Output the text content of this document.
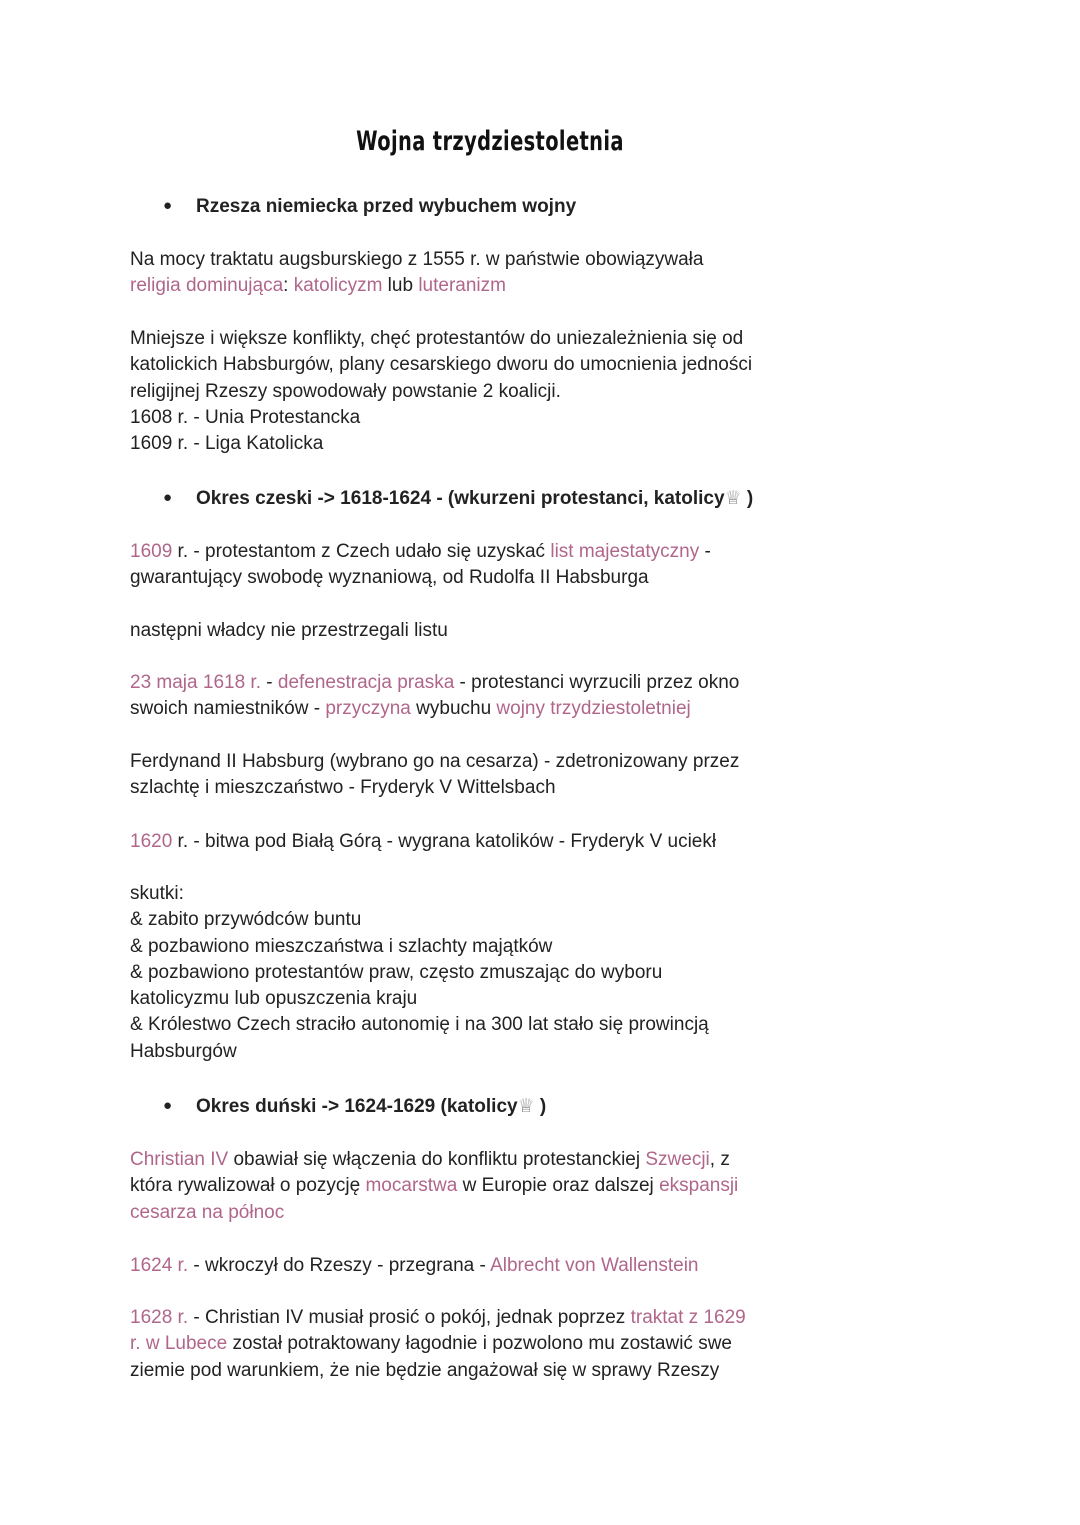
Wojna trzydziestoletnia
● Rzesza niemiecka przed wybuchem wojny
Na mocy traktatu augsburskiego z 1555 r. w państwie obowiązywała
religia dominująca: katolicyzm lub luteranizm
Mniejsze i większe konflikty, chęć protestantów do uniezależnienia się od
katolickich Habsburgów, plany cesarskiego dworu do umocnienia jedności
religijnej Rzeszy spowodowały powstanie 2 koalicji.
1608 r. - Unia Protestancka
1609 r. - Liga Katolicka
● Okres czeski -> 1618-1624 - (wkurzeni protestanci, katolicy♕ )
1609 r. - protestantom z Czech udało się uzyskać list majestatyczny -
gwarantujący swobodę wyznaniową, od Rudolfa II Habsburga
następni władcy nie przestrzegali listu
23 maja 1618 r. - defenestracja praska - protestanci wyrzucili przez okno
swoich namiestników - przyczyna wybuchu wojny trzydziestoletniej
Ferdynand II Habsburg (wybrano go na cesarza) - zdetronizowany przez
szlachtę i mieszczaństwo - Fryderyk V Wittelsbach
1620 r. - bitwa pod Białą Górą - wygrana katolików - Fryderyk V uciekł
skutki:
& zabito przywódców buntu
& pozbawiono mieszczaństwa i szlachty majątków
& pozbawiono protestantów praw, często zmuszając do wyboru
katolicyzmu lub opuszczenia kraju
& Królestwo Czech straciło autonomię i na 300 lat stało się prowincją
Habsburgów
● Okres duński -> 1624-1629 (katolicy♕ )
Christian IV obawiał się włączenia do konfliktu protestanckiej Szwecji, z
która rywalizował o pozycję mocarstwa w Europie oraz dalszej ekspansji
cesarza na północ
1624 r. - wkroczył do Rzeszy - przegrana - Albrecht von Wallenstein
1628 r. - Christian IV musiał prosić o pokój, jednak poprzez traktat z 1629
r. w Lubece został potraktowany łagodnie i pozwolono mu zostawić swe
ziemie pod warunkiem, że nie będzie angażował się w sprawy Rzeszy
